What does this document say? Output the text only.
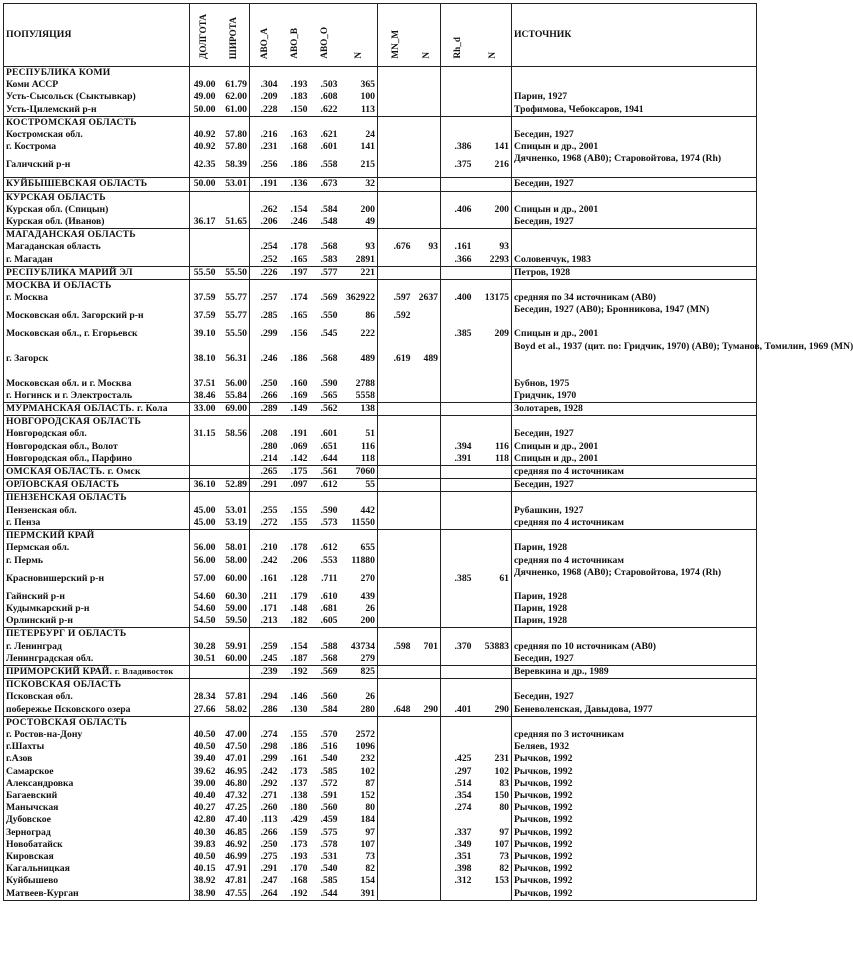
ПОПУЛЯЦИЯ	ДОЛГОТА	ШИРОТА	АВО_А	АВО_В	АВО_О	N	MN_M	N	Rh_d	N	ИСТОЧНИК
РЕСПУБЛИКА КОМИ											
Коми АССР	49.00	61.79	.304	.193	.503	365					
Усть-Сысольск (Сыктывкар)	49.00	62.00	.209	.183	.608	100					Парин, 1927
Усть-Цилемский р-н	50.00	61.00	.228	.150	.622	113					Трофимова, Чебоксаров, 1941
КОСТРОМСКАЯ ОБЛАСТЬ											
Костромская обл.	40.92	57.80	.216	.163	.621	24					Беседин, 1927
г. Кострома	40.92	57.80	.231	.168	.601	141			.386	141	Спицын и др., 2001
Галичский р-н	42.35	58.39	.256	.186	.558	215			.375	216	Дячненко, 1968 (АВ0); Старовойтова, 1974 (Rh)
КУЙБЫШЕВСКАЯ ОБЛАСТЬ	50.00	53.01	.191	.136	.673	32					Беседин, 1927
КУРСКАЯ ОБЛАСТЬ											
Курская обл. (Спицын)			.262	.154	.584	200			.406	200	Спицын и др., 2001
Курская обл. (Иванов)	36.17	51.65	.206	.246	.548	49					Беседин, 1927
МАГАДАНСКАЯ ОБЛАСТЬ											
Магаданская область			.254	.178	.568	93	.676	93	.161	93	
г. Магадан			.252	.165	.583	2891			.366	2293	Соловенчук, 1983
РЕСПУБЛИКА МАРИЙ ЭЛ	55.50	55.50	.226	.197	.577	221					Петров, 1928
МОСКВА И ОБЛАСТЬ											
г. Москва	37.59	55.77	.257	.174	.569	362922	.597	2637	.400	13175	средняя по 34 источникам (АВ0)
Московская обл. Загорский р-н	37.59	55.77	.285	.165	.550	86	.592				Беседин, 1927 (АВ0); Бронникова, 1947 (MN)
Московская обл., г. Егорьевск	39.10	55.50	.299	.156	.545	222			.385	209	Спицын и др., 2001
г. Загорск	38.10	56.31	.246	.186	.568	489	.619	489			Boyd et al., 1937 (цит. по: Гридчик, 1970) (АВ0); Туманов, Томилин, 1969 (MN)
Московская обл. и г. Москва	37.51	56.00	.250	.160	.590	2788					Бубнов, 1975
г. Ногинск и г. Электросталь	38.46	55.84	.266	.169	.565	5558					Гридчик, 1970
МУРМАНСКАЯ ОБЛАСТЬ. г. Кола	33.00	69.00	.289	.149	.562	138					Золотарев, 1928
НОВГОРОДСКАЯ ОБЛАСТЬ											
Новгородская обл.	31.15	58.56	.208	.191	.601	51					Беседин, 1927
Новгородская обл., Волот			.280	.069	.651	116			.394	116	Спицын и др., 2001
Новгородская обл., Парфино			.214	.142	.644	118			.391	118	Спицын и др., 2001
ОМСКАЯ ОБЛАСТЬ. г. Омск			.265	.175	.561	7060					средняя по 4 источникам
ОРЛОВСКАЯ ОБЛАСТЬ	36.10	52.89	.291	.097	.612	55					Беседин, 1927
ПЕНЗЕНСКАЯ ОБЛАСТЬ											
Пензенская обл.	45.00	53.01	.255	.155	.590	442					Рубашкин, 1927
г. Пенза	45.00	53.19	.272	.155	.573	11550					средняя по 4 источникам
ПЕРМСКИЙ КРАЙ											
Пермская обл.	56.00	58.01	.210	.178	.612	655					Парин, 1928
г. Пермь	56.00	58.00	.242	.206	.553	11880					средняя по 4 источникам
Красновишерский р-н	57.00	60.00	.161	.128	.711	270			.385	61	Дячненко, 1968 (АВ0); Старовойтова, 1974 (Rh)
Гайнский р-н	54.60	60.30	.211	.179	.610	439					Парин, 1928
Кудымкарский р-н	54.60	59.00	.171	.148	.681	26					Парин, 1928
Орлинский р-н	54.50	59.50	.213	.182	.605	200					Парин, 1928
ПЕТЕРБУРГ И ОБЛАСТЬ											
г. Ленинград	30.28	59.91	.259	.154	.588	43734	.598	701	.370	53883	средняя по 10 источникам (АВ0)
Ленинградская обл.	30.51	60.00	.245	.187	.568	279					Беседин, 1927
ПРИМОРСКИЙ КРАЙ. г. Владивосток			.239	.192	.569	825					Веревкина и др., 1989
ПСКОВСКАЯ ОБЛАСТЬ											
Псковская обл.	28.34	57.81	.294	.146	.560	26					Беседин, 1927
побережье Псковского озера	27.66	58.02	.286	.130	.584	280	.648	290	.401	290	Беневоленская, Давыдова, 1977
РОСТОВСКАЯ ОБЛАСТЬ											
г. Ростов-на-Дону	40.50	47.00	.274	.155	.570	2572					средняя по 3 источникам
г.Шахты	40.50	47.50	.298	.186	.516	1096					Беляев, 1932
г.Азов	39.40	47.01	.299	.161	.540	232			.425	231	Рычков, 1992
Самарское	39.62	46.95	.242	.173	.585	102			.297	102	Рычков, 1992
Александровка	39.00	46.80	.292	.137	.572	87			.514	83	Рычков, 1992
Багаевский	40.40	47.32	.271	.138	.591	152			.354	150	Рычков, 1992
Манычская	40.27	47.25	.260	.180	.560	80			.274	80	Рычков, 1992
Дубовское	42.80	47.40	.113	.429	.459	184					Рычков, 1992
Зерноград	40.30	46.85	.266	.159	.575	97			.337	97	Рычков, 1992
Новобатайск	39.83	46.92	.250	.173	.578	107			.349	107	Рычков, 1992
Кировская	40.50	46.99	.275	.193	.531	73			.351	73	Рычков, 1992
Кагальницкая	40.15	47.91	.291	.170	.540	82			.398	82	Рычков, 1992
Куйбышево	38.92	47.81	.247	.168	.585	154			.312	153	Рычков, 1992
Матвеев-Курган	38.90	47.55	.264	.192	.544	391					Рычков, 1992
